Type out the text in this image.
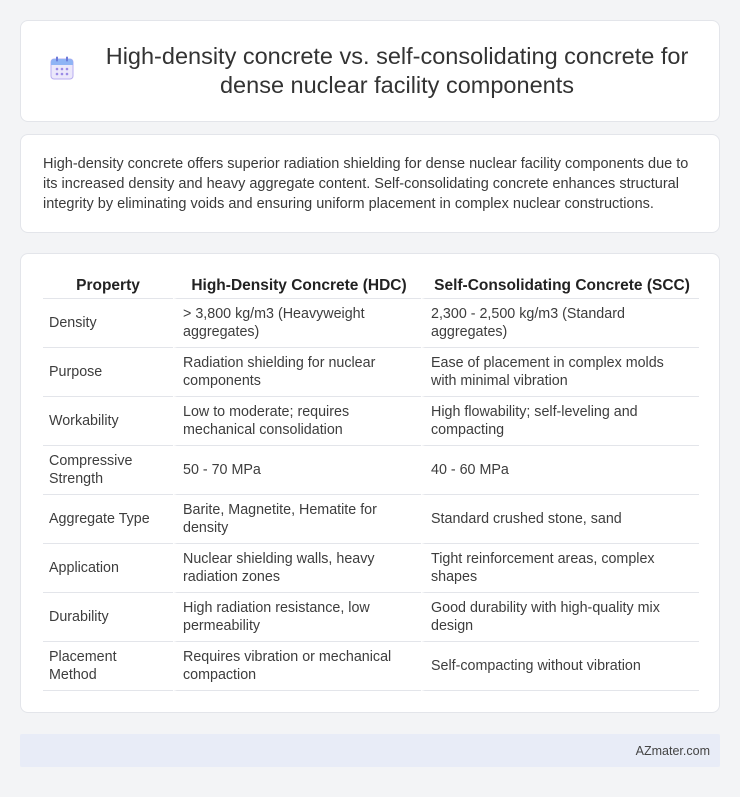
High-density concrete vs. self-consolidating concrete for dense nuclear facility components

High-density concrete offers superior radiation shielding for dense nuclear facility components due to its increased density and heavy aggregate content. Self-consolidating concrete enhances structural integrity by eliminating voids and ensuring uniform placement in complex nuclear constructions.

Property	High-Density Concrete (HDC)	Self-Consolidating Concrete (SCC)
Density	> 3,800 kg/m3 (Heavyweight aggregates)	2,300 - 2,500 kg/m3 (Standard aggregates)
Purpose	Radiation shielding for nuclear components	Ease of placement in complex molds with minimal vibration
Workability	Low to moderate; requires mechanical consolidation	High flowability; self-leveling and compacting
Compressive Strength	50 - 70 MPa	40 - 60 MPa
Aggregate Type	Barite, Magnetite, Hematite for density	Standard crushed stone, sand
Application	Nuclear shielding walls, heavy radiation zones	Tight reinforcement areas, complex shapes
Durability	High radiation resistance, low permeability	Good durability with high-quality mix design
Placement Method	Requires vibration or mechanical compaction	Self-compacting without vibration
AZmater.com
